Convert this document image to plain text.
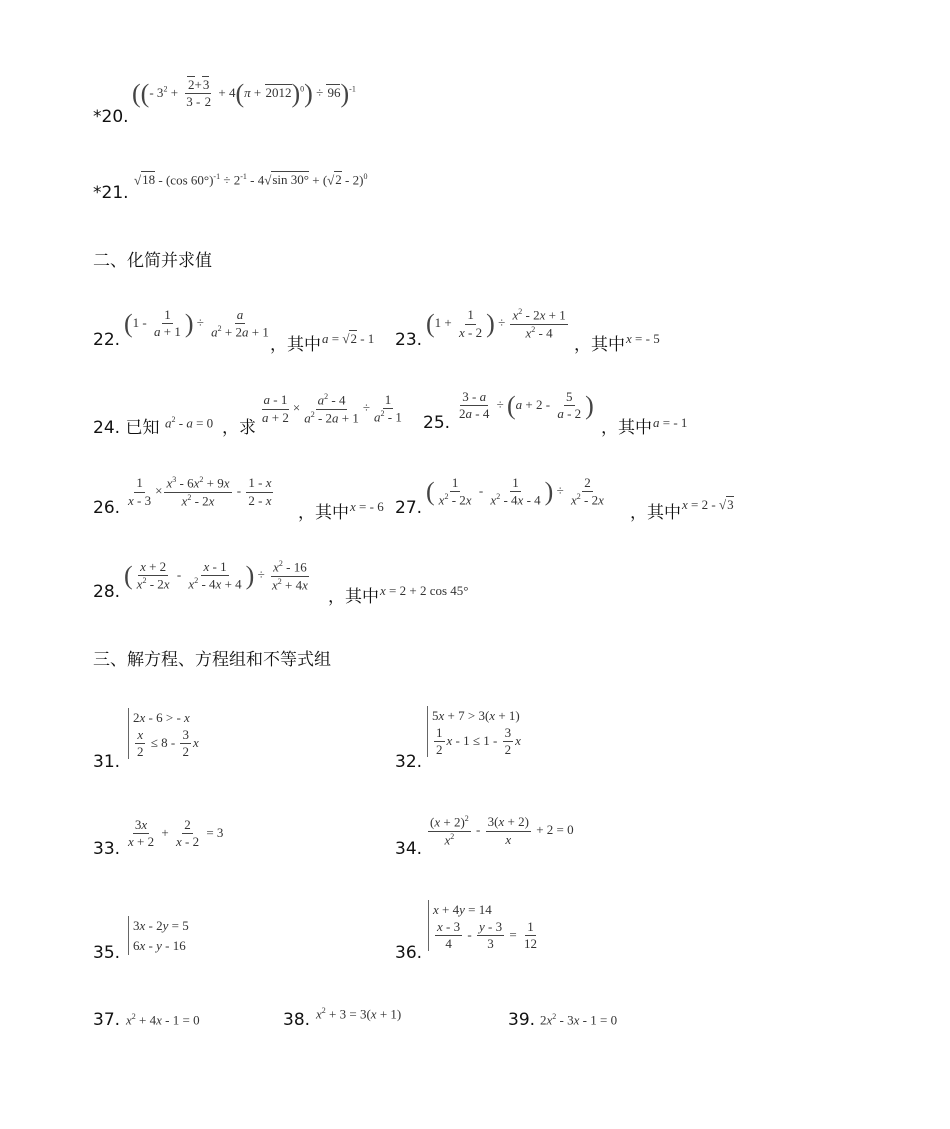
*20.
((- $3^2 + \frac{2+3}{3 - 2} + 4(\pi + 2012)^0) \div 96)^{-1}$
*21.
√18 - (cos $60^\circ)^{-1} \div 2^{-1} - 4√\sin$ 30° + (√2 - 2)$^0$
二、化简并求值
22.
($1 - \frac{1}{a + 1}$ ) ÷ $\frac{a}{a^2 + 2a + 1}$
，其中 a = √2 - 1 23.
($1 + \frac{1}{x - 2}$ ) ÷ $\frac{x^2 - 2x + 1}{x^2 - 4}$
，其中 x = - 5
24. 已知 $a^2 - a = 0$ ，求
$\frac{a - 1}{a + 2} \times \frac{a^2 - 4}{a^2 - 2a + 1} \div \frac{1}{a^2 - 1} 25$.
$\frac{3 - a}{2a - 4} \div (a + 2 - \frac{5}{a - 2}$ )
，其中 a = - 1
26.
$\frac{1}{x - 3} \times \frac{x^3 - 6x^2 + 9x}{x^2 - 2x} - \frac{1 - x}{2 - x}$
，其中 x = - 6 27.
( $\frac{1}{x^2 - 2x} - \frac{1}{x^2 - 4x - 4}$ ) ÷ $\frac{2}{x^2 - 2x}$
，其中 x = 2 - √3
28.
( $\frac{x + 2}{x^2 - 2x} - \frac{x - 1}{x^2 - 4x + 4}$ ) ÷ $\frac{x^2 - 16}{x^2 + 4x}$
，其中 x = 2 + 2 cos 45°
三、解方程、方程组和不等式组
31.
2x - 6 > - x

$\frac{x}{2} \le 8 - \frac{3}{2}$ x
32.
5x + 7 > 3(x + 1)

$\frac{1}{2}$ $x - 1 \le 1 - \frac{3}{2}$ x
33. $\frac{3x}{x + 2} + \frac{2}{x - 2} = 3$
34.
$\frac{(x + 2)^2}{x^2} - \frac{3(x + 2)}{x} + 2 = 0$
35.
3x - 2y = 5
6x - y - 16	36.
x + 4y = 14

$\frac{x - 3}{4} - \frac{y - 3}{3} = \frac{1}{12}$
37. $x^2 + 4x - 1 = 0$	38. $x^2 + 3 = 3(x + 1)$	39. $2x^2 - 3x - 1 = 0$
